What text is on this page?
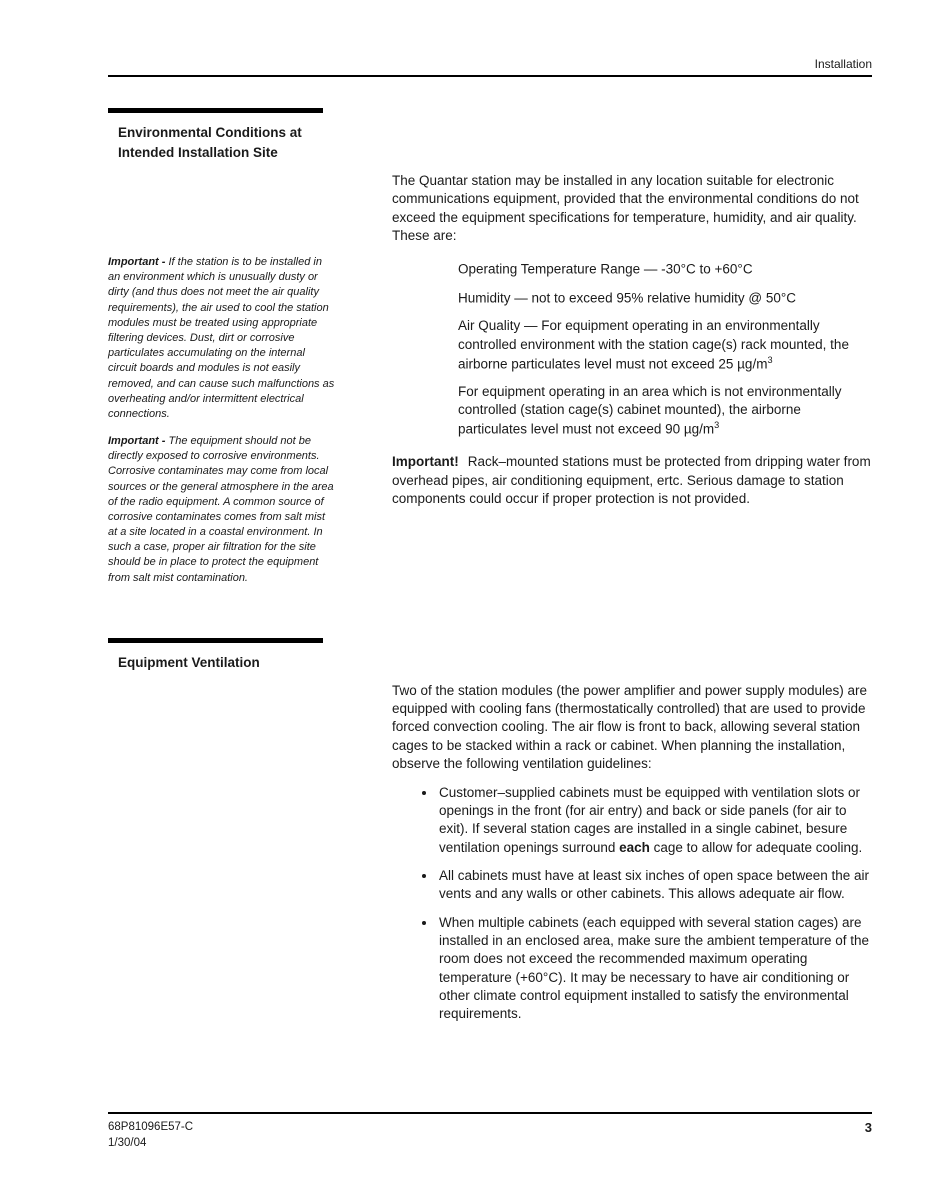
Installation
Environmental Conditions at
Intended Installation Site

Important - If the station is to be installed in an environment which is unusually dusty or dirty (and thus does not meet the air quality requirements), the air used to cool the station modules must be treated using appropriate filtering devices. Dust, dirt or corrosive particulates accumulating on the internal circuit boards and modules is not easily removed, and can cause such malfunctions as overheating and/or intermittent electrical connections.

Important - The equipment should not be directly exposed to corrosive environments. Corrosive contaminates may come from local sources or the general atmosphere in the area of the radio equipment. A common source of corrosive contaminates comes from salt mist at a site located in a coastal environment. In such a case, proper air filtration for the site should be in place to protect the equipment from salt mist contamination.

The Quantar station may be installed in any location suitable for electronic communications equipment, provided that the environmental conditions do not exceed the equipment specifications for temperature, humidity, and air quality. These are:

Operating Temperature Range — -30°C to +60°C
Humidity — not to exceed 95% relative humidity @ 50°C
Air Quality — For equipment operating in an environmentally controlled environment with the station cage(s) rack mounted, the airborne particulates level must not exceed 25 $\mu g/m^3$
For equipment operating in an area which is not environmentally controlled (station cage(s) cabinet mounted), the airborne particulates level must not exceed 90 $\mu g/m^3$

Important! Rack–mounted stations must be protected from dripping water from overhead pipes, air conditioning equipment, ertc. Serious damage to station components could occur if proper protection is not provided.

Equipment Ventilation

Two of the station modules (the power amplifier and power supply modules) are equipped with cooling fans (thermostatically controlled) that are used to provide forced convection cooling. The air flow is front to back, allowing several station cages to be stacked within a rack or cabinet. When planning the installation, observe the following ventilation guidelines:

• Customer–supplied cabinets must be equipped with ventilation slots or openings in the front (for air entry) and back or side panels (for air to exit). If several station cages are installed in a single cabinet, besure ventilation openings surround each cage to allow for adequate cooling.
• All cabinets must have at least six inches of open space between the air vents and any walls or other cabinets. This allows adequate air flow.
• When multiple cabinets (each equipped with several station cages) are installed in an enclosed area, make sure the ambient temperature of the room does not exceed the recommended maximum operating temperature (+60°C). It may be necessary to have air conditioning or other climate control equipment installed to satisfy the environmental requirements.
68P81096E57-C
1/30/04
3
